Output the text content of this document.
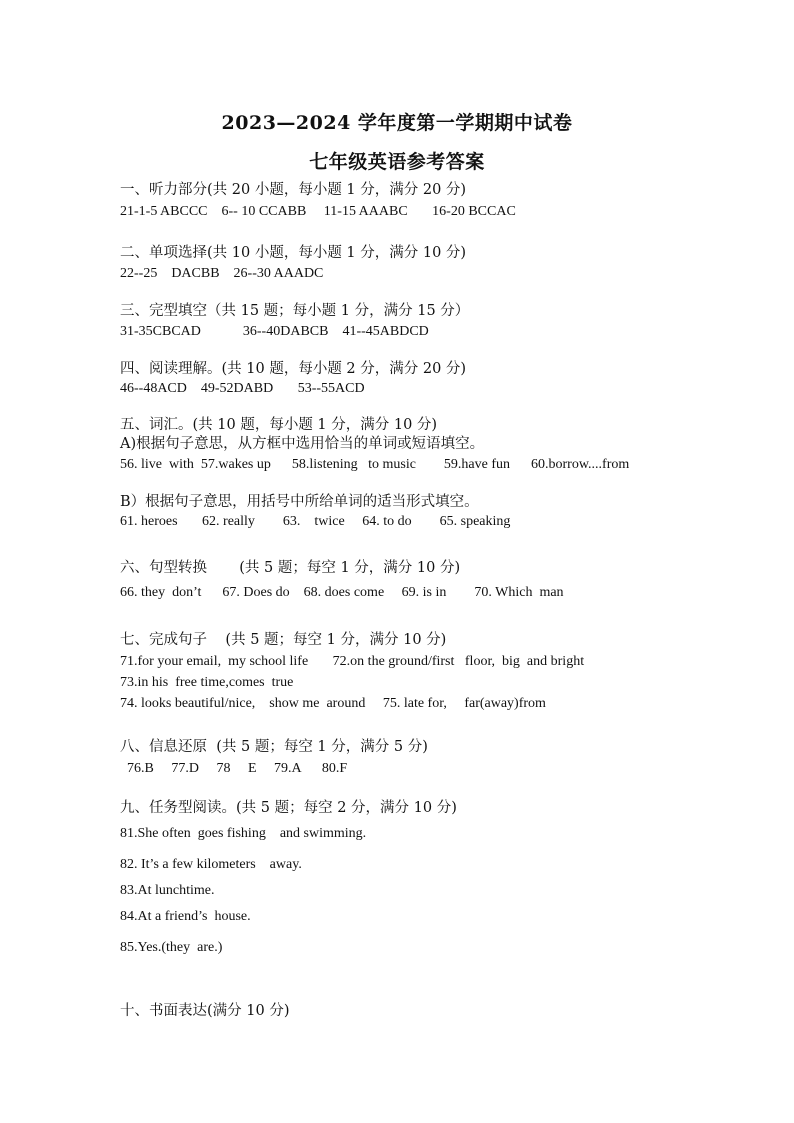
2023—2024 学年度第一学期期中试卷
七年级英语参考答案
一、听力部分(共 20 小题，每小题 1 分，满分 20 分)
21-1-5 ABCCC    6-- 10 CCABB     11-15 AAABC       16-20 BCCAC
二、单项选择(共 10 小题，每小题 1 分，满分 10 分)
22--25    DACBB    26--30 AAADC
三、完型填空（共 15 题；每小题 1 分，满分 15 分）
31-35CBCAD            36--40DABCB    41--45ABDCD
四、阅读理解。(共 10 题，每小题 2 分，满分 20 分)
46--48ACD    49-52DABD       53--55ACD
五、词汇。(共 10 题，每小题 1 分，满分 10 分)
A)根据句子意思，从方框中选用恰当的单词或短语填空。
56. live  with  57.wakes up      58.listening   to music        59.have fun      60.borrow....from
B）根据句子意思，用括号中所给单词的适当形式填空。
61. heroes       62. really        63.    twice     64. to do        65. speaking
六、句型转换       (共 5 题；每空 1 分，满分 10 分)
66. they  don’t      67. Does do    68. does come     69. is in        70. Which  man
七、完成句子    (共 5 题；每空 1 分，满分 10 分)
71.for your email,  my school life       72.on the ground/first   floor,  big  and bright
73.in his  free time,comes  true
74. looks beautiful/nice,    show me  around     75. late for,     far(away)from
八、信息还原  (共 5 题；每空 1 分，满分 5 分)
76.B     77.D     78     E     79.A      80.F
九、任务型阅读。(共 5 题；每空 2 分，满分 10 分)
81.She often  goes fishing    and swimming.
82. It’s a few kilometers    away.
83.At lunchtime.
84.At a friend’s  house.
85.Yes.(they  are.)
十、书面表达(满分 10 分)
